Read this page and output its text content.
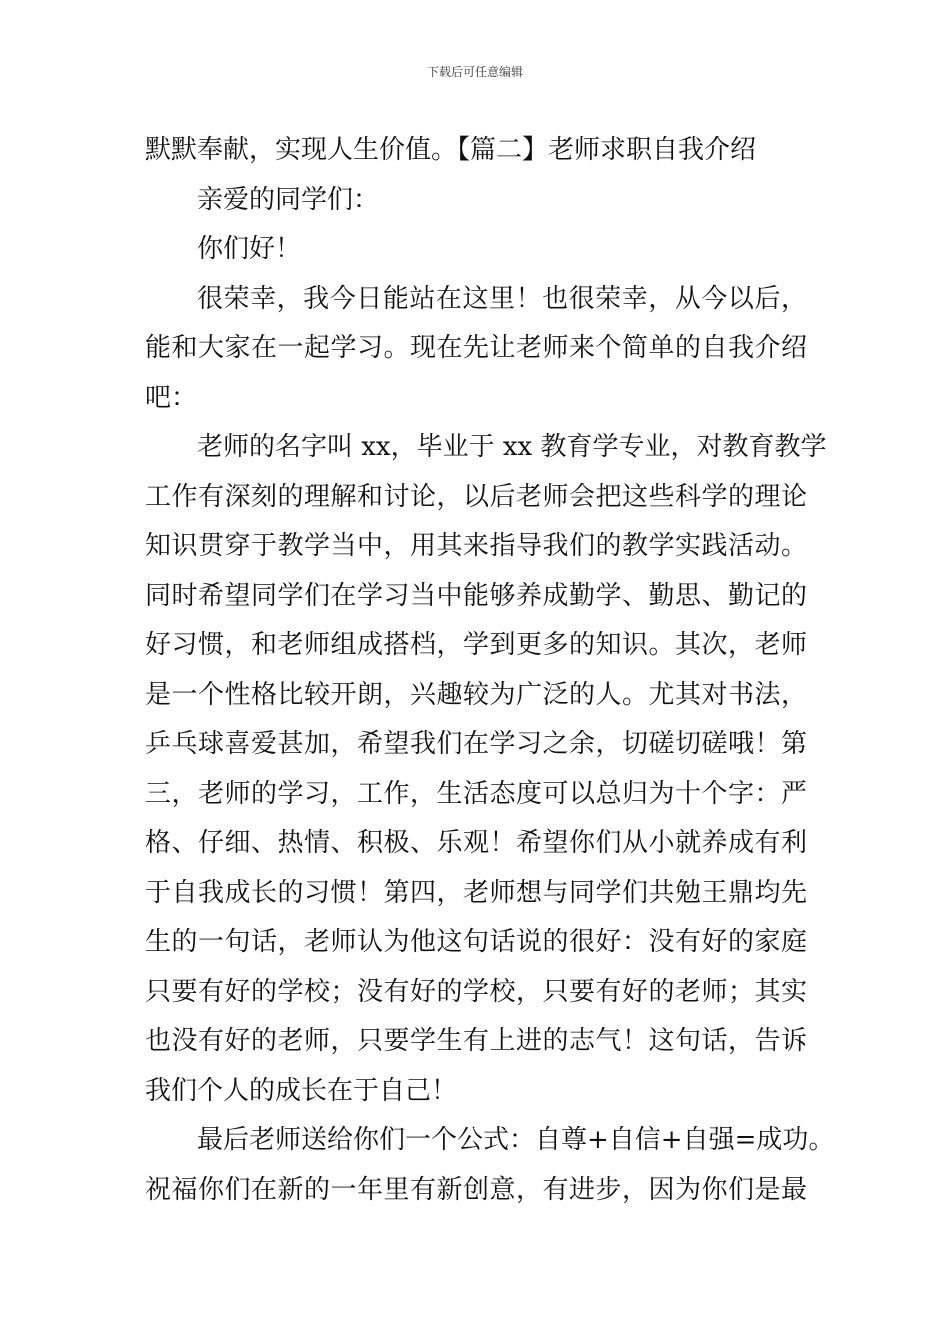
下载后可任意编辑
默默奉献，实现人生价值。【篇二】老师求职自我介绍
亲爱的同学们：
你们好！
很荣幸，我今日能站在这里！也很荣幸，从今以后，
能和大家在一起学习。现在先让老师来个简单的自我介绍
吧：
老师的名字叫 xx，毕业于 xx 教育学专业，对教育教学
工作有深刻的理解和讨论，以后老师会把这些科学的理论
知识贯穿于教学当中，用其来指导我们的教学实践活动。
同时希望同学们在学习当中能够养成勤学、勤思、勤记的
好习惯，和老师组成搭档，学到更多的知识。其次，老师
是一个性格比较开朗，兴趣较为广泛的人。尤其对书法，
乒乓球喜爱甚加，希望我们在学习之余，切磋切磋哦！第
三，老师的学习，工作，生活态度可以总归为十个字：严
格、仔细、热情、积极、乐观！希望你们从小就养成有利
于自我成长的习惯！第四，老师想与同学们共勉王鼎均先
生的一句话，老师认为他这句话说的很好：没有好的家庭
只要有好的学校；没有好的学校，只要有好的老师；其实
也没有好的老师，只要学生有上进的志气！这句话，告诉
我们个人的成长在于自己！
最后老师送给你们一个公式：自尊+自信+自强=成功。
祝福你们在新的一年里有新创意，有进步，因为你们是最
